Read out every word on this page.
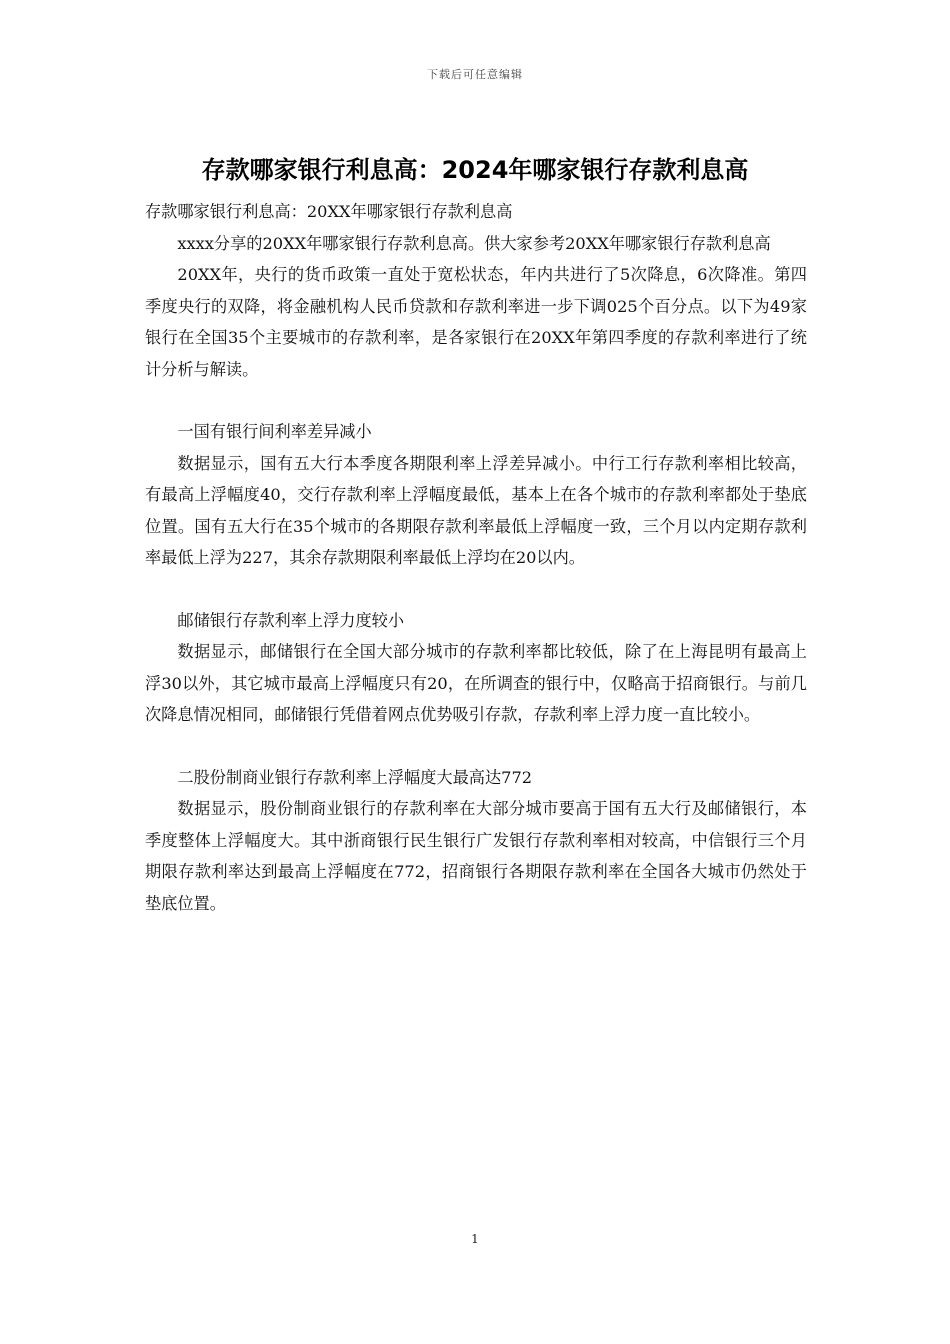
下载后可任意编辑
存款哪家银行利息高：2024年哪家银行存款利息高

存款哪家银行利息高：20XX年哪家银行存款利息高

xxxx分享的20XX年哪家银行存款利息高。供大家参考20XX年哪家银行存款利息高

20XX年，央行的货币政策一直处于宽松状态，年内共进行了5次降息，6次降准。第四季度央行的双降，将金融机构人民币贷款和存款利率进一步下调025个百分点。以下为49家银行在全国35个主要城市的存款利率，是各家银行在20XX年第四季度的存款利率进行了统计分析与解读。

一国有银行间利率差异减小

数据显示，国有五大行本季度各期限利率上浮差异减小。中行工行存款利率相比较高，有最高上浮幅度40，交行存款利率上浮幅度最低，基本上在各个城市的存款利率都处于垫底位置。国有五大行在35个城市的各期限存款利率最低上浮幅度一致，三个月以内定期存款利率最低上浮为227，其余存款期限利率最低上浮均在20以内。

邮储银行存款利率上浮力度较小

数据显示，邮储银行在全国大部分城市的存款利率都比较低，除了在上海昆明有最高上浮30以外，其它城市最高上浮幅度只有20，在所调查的银行中，仅略高于招商银行。与前几次降息情况相同，邮储银行凭借着网点优势吸引存款，存款利率上浮力度一直比较小。

二股份制商业银行存款利率上浮幅度大最高达772

数据显示，股份制商业银行的存款利率在大部分城市要高于国有五大行及邮储银行，本季度整体上浮幅度大。其中浙商银行民生银行广发银行存款利率相对较高，中信银行三个月期限存款利率达到最高上浮幅度在772，招商银行各期限存款利率在全国各大城市仍然处于垫底位置。

1
